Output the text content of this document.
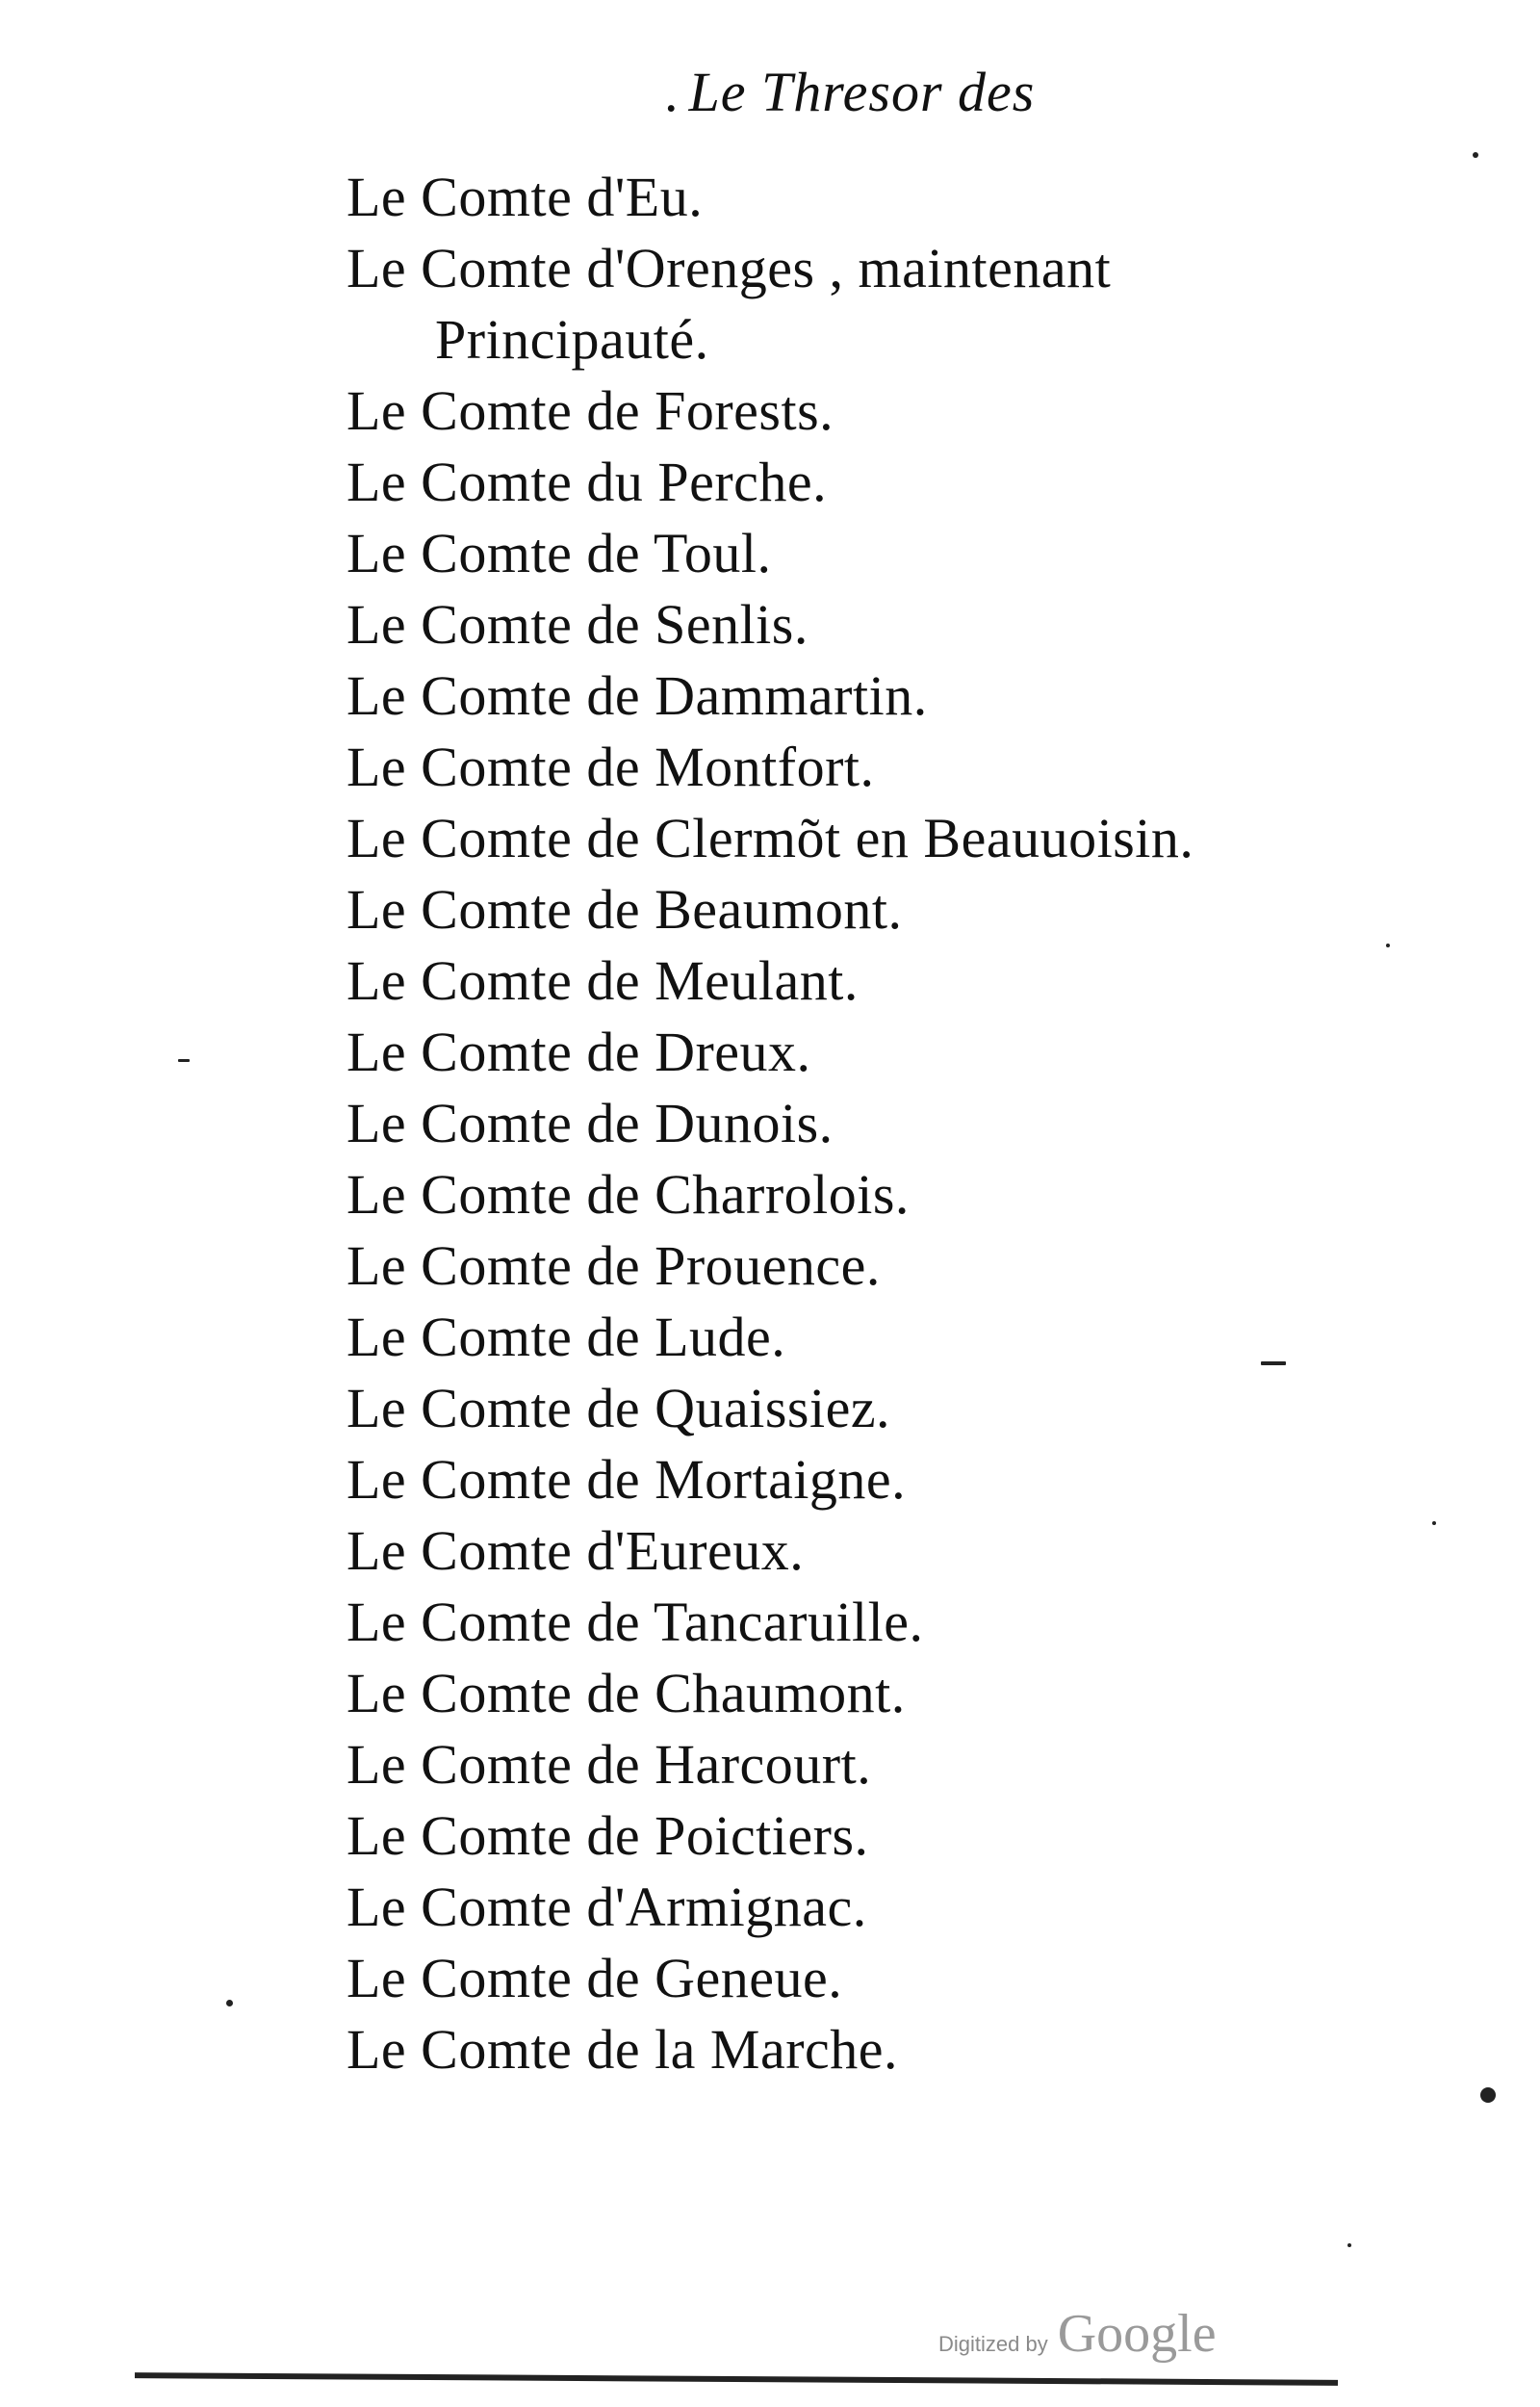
. Le Thresor des
Le Comte d'Eu.
Le Comte d'Orenges , maintenant
Principauté.
Le Comte de Forests.
Le Comte du Perche.
Le Comte de Toul.
Le Comte de Senlis.
Le Comte de Dammartin.
Le Comte de Montfort.
Le Comte de Clermõt en Beauuoisin.
Le Comte de Beaumont.
Le Comte de Meulant.
Le Comte de Dreux.
Le Comte de Dunois.
Le Comte de Charrolois.
Le Comte de Prouence.
Le Comte de Lude.
Le Comte de Quaissiez.
Le Comte de Mortaigne.
Le Comte d'Eureux.
Le Comte de Tancaruille.
Le Comte de Chaumont.
Le Comte de Harcourt.
Le Comte de Poictiers.
Le Comte d'Armignac.
Le Comte de Geneue.
Le Comte de la Marche.
Digitized by Google
